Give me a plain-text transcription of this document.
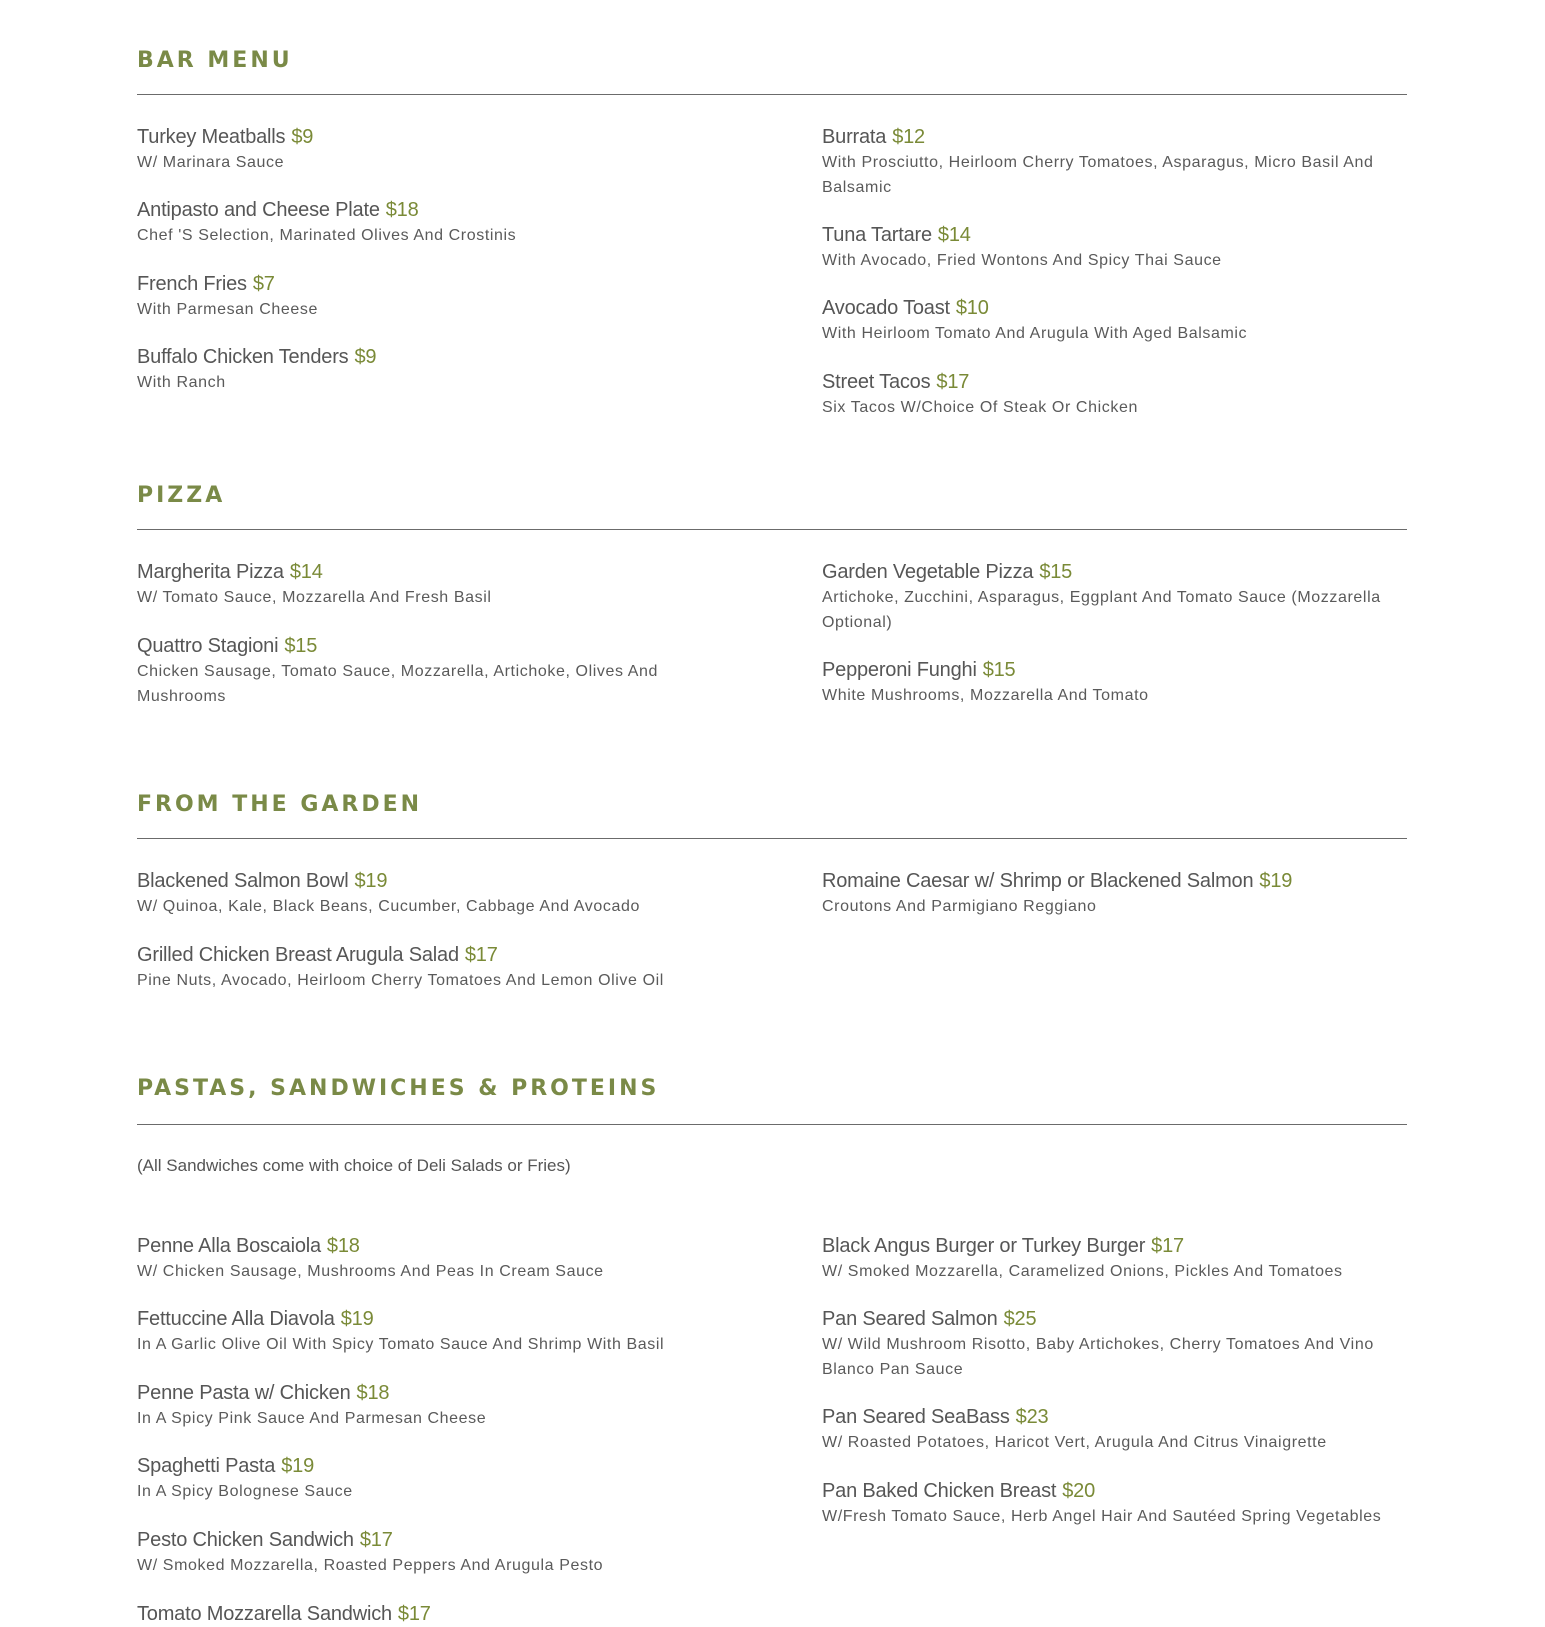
BAR MENU
Turkey Meatballs $9
W/ Marinara Sauce
Antipasto and Cheese Plate $18
Chef 'S Selection, Marinated Olives And Crostinis
French Fries $7
With Parmesan Cheese
Buffalo Chicken Tenders $9
With Ranch
Burrata $12
With Prosciutto, Heirloom Cherry Tomatoes, Asparagus, Micro Basil And Balsamic
Tuna Tartare $14
With Avocado, Fried Wontons And Spicy Thai Sauce
Avocado Toast $10
With Heirloom Tomato And Arugula With Aged Balsamic
Street Tacos $17
Six Tacos W/Choice Of Steak Or Chicken
PIZZA
Margherita Pizza $14
W/ Tomato Sauce, Mozzarella And Fresh Basil
Quattro Stagioni $15
Chicken Sausage, Tomato Sauce, Mozzarella, Artichoke, Olives And Mushrooms
Garden Vegetable Pizza $15
Artichoke, Zucchini, Asparagus, Eggplant And Tomato Sauce (Mozzarella Optional)
Pepperoni Funghi $15
White Mushrooms, Mozzarella And Tomato
FROM THE GARDEN
Blackened Salmon Bowl $19
W/ Quinoa, Kale, Black Beans, Cucumber, Cabbage And Avocado
Grilled Chicken Breast Arugula Salad $17
Pine Nuts, Avocado, Heirloom Cherry Tomatoes And Lemon Olive Oil
Romaine Caesar w/ Shrimp or Blackened Salmon $19
Croutons And Parmigiano Reggiano
PASTAS, SANDWICHES & PROTEINS
(All Sandwiches come with choice of Deli Salads or Fries)
Penne Alla Boscaiola $18
W/ Chicken Sausage, Mushrooms And Peas In Cream Sauce
Fettuccine Alla Diavola $19
In A Garlic Olive Oil With Spicy Tomato Sauce And Shrimp With Basil
Penne Pasta w/ Chicken $18
In A Spicy Pink Sauce And Parmesan Cheese
Spaghetti Pasta $19
In A Spicy Bolognese Sauce
Pesto Chicken Sandwich $17
W/ Smoked Mozzarella, Roasted Peppers And Arugula Pesto
Tomato Mozzarella Sandwich $17
Black Angus Burger or Turkey Burger $17
W/ Smoked Mozzarella, Caramelized Onions, Pickles And Tomatoes
Pan Seared Salmon $25
W/ Wild Mushroom Risotto, Baby Artichokes, Cherry Tomatoes And Vino Blanco Pan Sauce
Pan Seared SeaBass $23
W/ Roasted Potatoes, Haricot Vert, Arugula And Citrus Vinaigrette
Pan Baked Chicken Breast $20
W/Fresh Tomato Sauce, Herb Angel Hair And Sautéed Spring Vegetables
